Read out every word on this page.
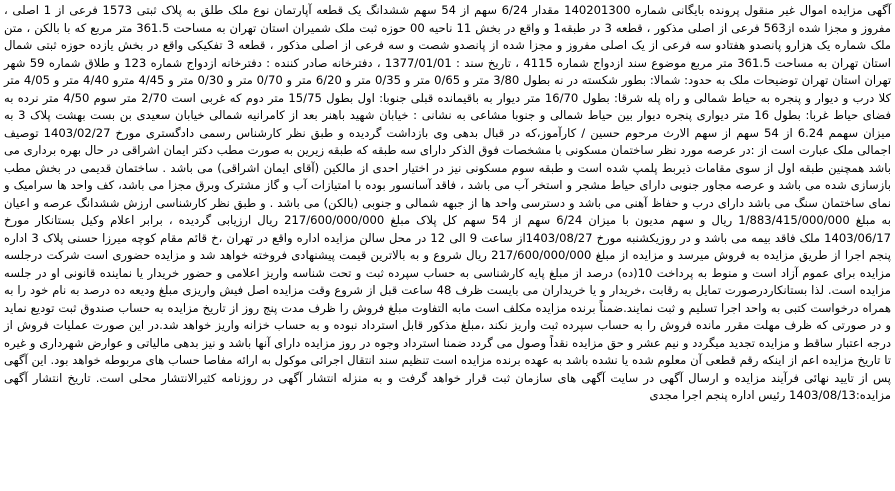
آگهی مزایده اموال غیر منقول پرونده بایگانی شماره 140201300 مقدار 6/24 سهم از 54 سهم ششدانگ یک قطعه آپارتمان نوع ملک طلق به پلاک ثبتی 1573 فرعی از 1 اصلی ، مفروز و مجزا شده از563 فرعی از اصلی مذکور ، قطعه 3 در طبقه1 و واقع در بخش 11 ناحیه 00 حوزه ثبت ملک شمیران استان تهران به مساحت 361.5 متر مربع که با بالکن ، متن ملک شماره یک هزارو پانصدو هفتادو سه فرعی از یک اصلی مفروز و مجزا شده از پانصدو شصت و سه فرعی از اصلی مذکور ، قطعه 3 تفکیکی واقع در بخش یازده حوزه ثبتی شمال استان تهران به مساحت 361.5 متر مربع موضوع سند ازدواج شماره 4115 ، تاریخ سند : 1377/01/01 ، دفترخانه صادر کننده : دفترخانه ازدواج شماره 123 و طلاق شماره 59 شهر تهران استان تهران توضیحات ملک به حدود: شمالا: بطور شکسته در نه بطول 3/80 متر و 0/65 متر و 0/35 متر و 6/20 متر و 0/70 متر و 0/30 متر و 4/45 مترو 4/40 متر و 4/05 متر کلا درب و دیوار و پنجره به حیاط شمالی و راه پله شرقا: بطول 16/70 متر دیوار به باقیمانده قبلی جنوبا: اول بطول 15/75 متر دوم که غربی است 2/70 متر سوم 4/50 متر نرده به فضای حیاط غربا: بطول 16 متر دیواری پنجره دیوار بین حیاط شمالی و جنوبا مشاعی به نشانی : خیابان شهید باهنر بعد از کامرانیه شمالی خیابان سعیدی بن بست بهشت پلاک 3 به میزان سهمم 6.24 از 54 سهم از سهم الارث مرحوم حسین / کارآموز،که در قبال بدهی وی بازداشت گردیده و طبق نظر کارشناس رسمی دادگستری مورخ 1403/02/27 توصیف اجمالی ملک عبارت است از :در عرصه مورد نظر ساختمان مسکونی با مشخصات فوق الذکر دارای سه طبقه که طبقه زیرین به صورت مطب دکتر ایمان اشراقی در حال بهره برداری می باشد همچنین طبقه اول از سوی مقامات ذیربط پلمپ شده است و طبقه سوم مسکونی نیز در اختیار احدی از مالکین (آقای ایمان اشراقی) می باشد . ساختمان قدیمی در بخش مطب بازسازی شده می باشد و عرصه مجاور جنوبی دارای حیاط مشجر و استخر آب می باشد ، فاقد آسانسور بوده با امتیازات آب و گاز مشترک وبرق مجزا می باشد، کف واحد ها سرامیک و نمای ساختمان سنگ می باشد دارای درب و حفاظ آهنی می باشد و دسترسی واحد ها از جبهه شمالی و جنوبی (بالکن) می باشد . و طبق نظر کارشناسی ارزش ششدانگ عرصه و اعیان به مبلغ 1/883/415/000/000 ریال و سهم مدیون با میزان 6/24 سهم از 54 سهم کل پلاک مبلغ 217/600/000/000 ریال ارزیابی گردیده ، برابر اعلام وکیل بستانکار مورخ 1403/06/17 ملک فاقد بیمه می باشد و در روزیکشنبه مورخ 1403/08/27از ساعت 9 الی 12 در محل سالن مزایده اداره واقع در تهران ،خ قائم مقام کوچه میرزا حسنی پلاک 3 اداره پنجم اجرا از طریق مزایده به فروش میرسد و مزایده از مبلغ 217/600/000/000 ریال شروع و به بالاترین قیمت پیشنهادی فروخته خواهد شد و مزایده حضوری است شرکت درجلسه مزایده برای عموم آزاد است و منوط به پرداخت 10(ده) درصد از مبلغ پایه کارشناسی به حساب سپرده ثبت و تحت شناسه واریز اعلامی و حضور خریدار یا نماینده قانونی او در جلسه مزایده است. لذا بستانکاردرصورت تمایل به رقابت ،خریدار و یا خریداران می بایست ظرف 48 ساعت قبل از شروع وقت مزایده اصل فیش واریزی مبلغ ودیعه ده درصد به نام خود را به همراه درخواست کتبی به واحد اجرا تسلیم و ثبت نمایند.ضمناً برنده مزایده مکلف است مابه التفاوت مبلغ فروش را ظرف مدت پنج روز از تاریخ مزایده به حساب صندوق ثبت تودیع نماید و در صورتی که ظرف مهلت مقرر مانده فروش را به حساب سپرده ثبت واریز نکند ،مبلغ مذکور قابل استرداد نبوده و به حساب خزانه واریز خواهد شد.در این صورت عملیات فروش از درجه اعتبار ساقط و مزایده تجدید میگردد و نیم عشر و حق مزایده نقداً وصول می گردد ضمنا استرداد وجوه در روز مزایده دارای آنها باشد و نیز بدهی مالیاتی و عوارض شهرداری و غیره تا تاریخ مزایده اعم از اینکه رقم قطعی آن معلوم شده یا نشده باشد به عهده برنده مزایده است تنظیم سند انتقال اجرائی موکول به ارائه مفاصا حساب های مربوطه خواهد بود. این آگهی پس از تایید نهائی فرآیند مزایده و ارسال آگهی در سایت آگهی های سازمان ثبت قرار خواهد گرفت و به منزله انتشار آگهی در روزنامه کثیرالانتشار محلی است. تاریخ انتشار آگهی مزایده:1403/08/13 رئیس اداره پنجم اجرا مجدی
